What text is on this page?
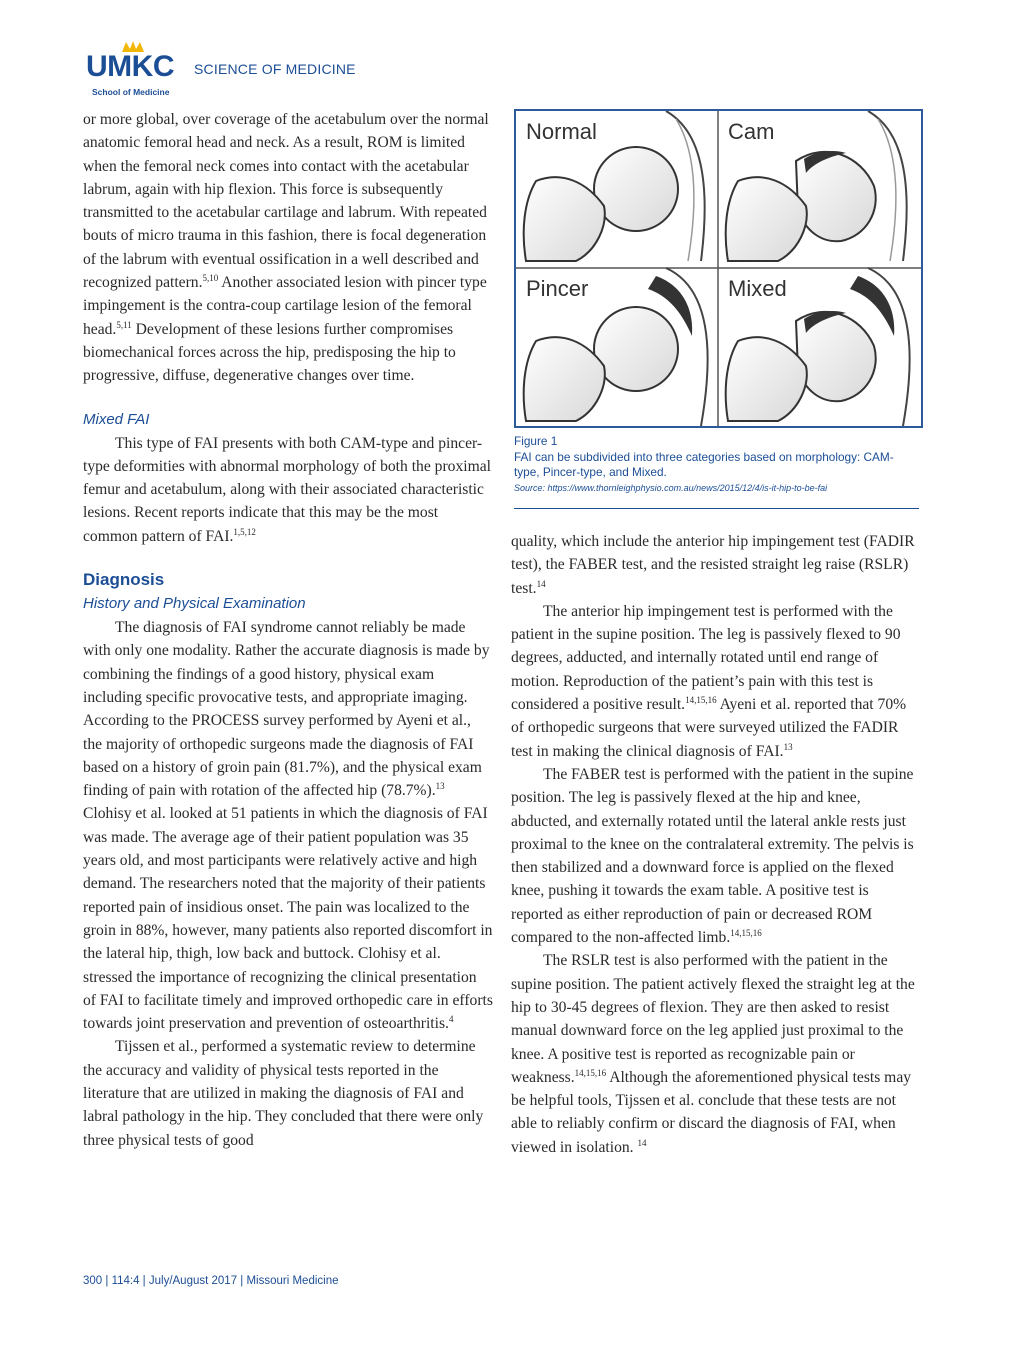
UMKC
School of Medicine
SCIENCE OF MEDICINE

or more global, over coverage of the acetabulum over the normal anatomic femoral head and neck. As a result, ROM is limited when the femoral neck comes into contact with the acetabular labrum, again with hip flexion. This force is subsequently transmitted to the acetabular cartilage and labrum. With repeated bouts of micro trauma in this fashion, there is focal degeneration of the labrum with eventual ossification in a well described and recognized pattern.$^{5,10}$ Another associated lesion with pincer type impingement is the contra-coup cartilage lesion of the femoral head.$^{5,11}$ Development of these lesions further compromises biomechanical forces across the hip, predisposing the hip to progressive, diffuse, degenerative changes over time.

Mixed FAI

This type of FAI presents with both CAM-type and pincer-type deformities with abnormal morphology of both the proximal femur and acetabulum, along with their associated characteristic lesions. Recent reports indicate that this may be the most common pattern of FAI.$^{1,5,12}$

Diagnosis

History and Physical Examination

The diagnosis of FAI syndrome cannot reliably be made with only one modality. Rather the accurate diagnosis is made by combining the findings of a good history, physical exam including specific provocative tests, and appropriate imaging. According to the PROCESS survey performed by Ayeni et al., the majority of orthopedic surgeons made the diagnosis of FAI based on a history of groin pain (81.7%), and the physical exam finding of pain with rotation of the affected hip (78.7%).$^{13}$ Clohisy et al. looked at 51 patients in which the diagnosis of FAI was made. The average age of their patient population was 35 years old, and most participants were relatively active and high demand. The researchers noted that the majority of their patients reported pain of insidious onset. The pain was localized to the groin in 88%, however, many patients also reported discomfort in the lateral hip, thigh, low back and buttock. Clohisy et al. stressed the importance of recognizing the clinical presentation of FAI to facilitate timely and improved orthopedic care in efforts towards joint preservation and prevention of osteoarthritis.$^4$

Tijssen et al., performed a systematic review to determine the accuracy and validity of physical tests reported in the literature that are utilized in making the diagnosis of FAI and labral pathology in the hip. They concluded that there were only three physical tests of good

Normal	Cam
Pincer	Mixed
Figure 1
FAI can be subdivided into three categories based on morphology: CAM-type, Pincer-type, and Mixed.
Source: https://www.thornleighphysio.com.au/news/2015/12/4/is-it-hip-to-be-fai

quality, which include the anterior hip impingement test (FADIR test), the FABER test, and the resisted straight leg raise (RSLR) test.$^{14}$

The anterior hip impingement test is performed with the patient in the supine position. The leg is passively flexed to 90 degrees, adducted, and internally rotated until end range of motion. Reproduction of the patient’s pain with this test is considered a positive result.$^{14,15,16}$ Ayeni et al. reported that 70% of orthopedic surgeons that were surveyed utilized the FADIR test in making the clinical diagnosis of FAI.$^{13}$

The FABER test is performed with the patient in the supine position. The leg is passively flexed at the hip and knee, abducted, and externally rotated until the lateral ankle rests just proximal to the knee on the contralateral extremity. The pelvis is then stabilized and a downward force is applied on the flexed knee, pushing it towards the exam table. A positive test is reported as either reproduction of pain or decreased ROM compared to the non-affected limb.$^{14,15,16}$

The RSLR test is also performed with the patient in the supine position. The patient actively flexed the straight leg at the hip to 30-45 degrees of flexion. They are then asked to resist manual downward force on the leg applied just proximal to the knee. A positive test is reported as recognizable pain or weakness.$^{14,15,16}$ Although the aforementioned physical tests may be helpful tools, Tijssen et al. conclude that these tests are not able to reliably confirm or discard the diagnosis of FAI, when viewed in isolation. $^{14}$

300 | 114:4 | July/August 2017 | Missouri Medicine
